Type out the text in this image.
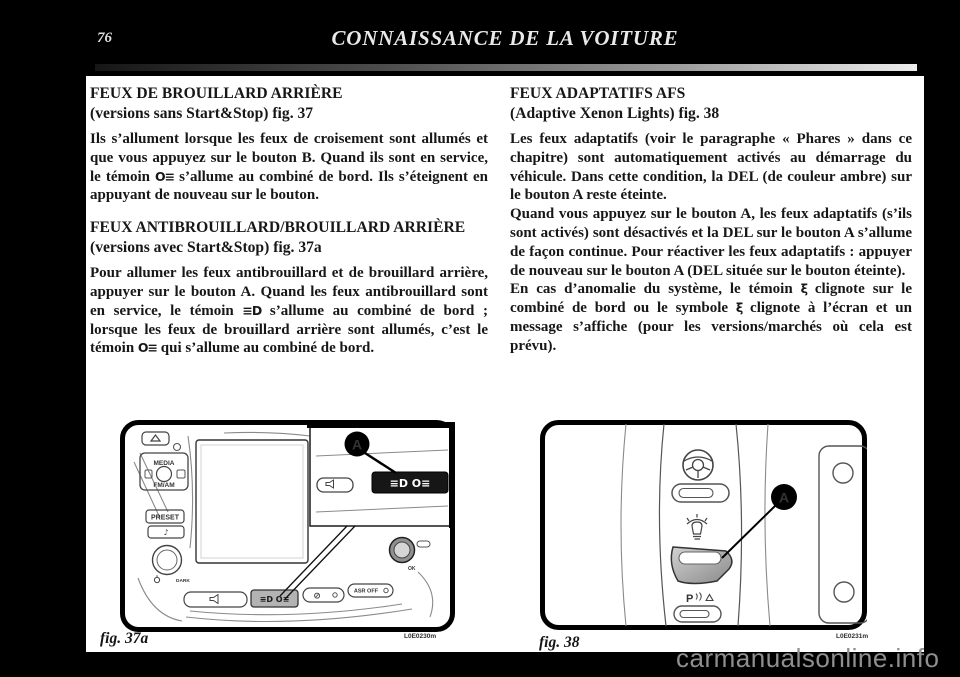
76	CONNAISSANCE DE LA VOITURE
FEUX DE BROUILLARD ARRIÈRE
(versions sans Start&Stop) fig. 37

Ils s’allument lorsque les feux de croisement sont allumés et que vous appuyez sur le bouton B. Quand ils sont en service, le témoin O≡ s’allume au combiné de bord. Ils s’éteignent en appuyant de nouveau sur le bouton.

FEUX ANTIBROUILLARD/BROUILLARD ARRIÈRE
(versions avec Start&Stop) fig. 37a

Pour allumer les feux antibrouillard et de brouillard arrière, appuyer sur le bouton A. Quand les feux antibrouillard sont en service, le témoin ≡D s’allume au combiné de bord ; lorsque les feux de brouillard arrière sont allumés, c’est le témoin O≡ qui s’allume au combiné de bord.

FEUX ADAPTATIFS AFS
(Adaptive Xenon Lights) fig. 38

Les feux adaptatifs (voir le paragraphe « Phares » dans ce chapitre) sont automatiquement activés au démarrage du véhicule. Dans cette condition, la DEL (de couleur ambre) sur le bouton A reste éteinte.

Quand vous appuyez sur le bouton A, les feux adaptatifs (s’ils sont activés) sont désactivés et la DEL sur le bouton A s’allume de façon continue. Pour réactiver les feux adaptatifs : appuyer de nouveau sur le bouton A (DEL située sur le bouton éteinte).

En cas d’anomalie du système, le témoin ξ clignote sur le combiné de bord ou le symbole ξ clignote à l’écran et un message s’affiche (pour les versions/marchés où cela est prévu).

MEDIA
FM/AM
PRESET
♪
DARK
≡D O≡	⊘	ASR OFF
OK
≡D O≡
A
fig. 37a	L0E0230m
A
P
fig. 38	L0E0231m
carmanualsonline.info
